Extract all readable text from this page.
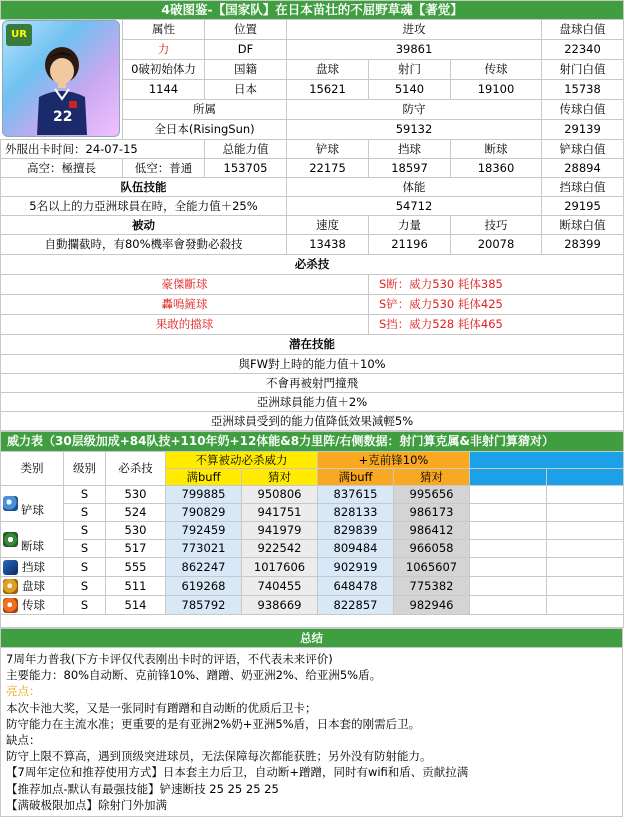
4破图鉴-【国家队】在日本苗壮的不屈野草魂【著觉】						
	属性	位置	进攻			盘球白值
	力	DF	39861			22340
	0破初始体力	国籍	盘球	射门	传球	射门白值
	1144	日本	15621	5140	19100	15738
	所属		防守			传球白值
	全日本(RisingSun)		59132			29139
外服出卡时间：24-07-15		总能力值	铲球	挡球	断球	铲球白值
高空：極擅長	低空：普通	153705	22175	18597	18360	28894
队伍技能			体能			挡球白值
5名以上的力亞洲球員在時，全能力值＋25%			54712			29195
被动			速度	力量	技巧	断球白值
自動攔截時，有80%機率會發動必殺技			13438	21196	20078	28399
必杀技						
豪傑斷球				S断：威力530 耗体385		
轟鳴鏟球				S铲：威力530 耗体425		
果敢的擋球				S挡：威力528 耗体465		
潜在技能						
與FW對上時的能力值＋10%						
不會再被射門撞飛						
亞洲球員能力值＋2%						
亞洲球員受到的能力值降低效果減輕5%						
威力表（30层级加成+84队技+110年奶+12体能&8力里阵/右侧数据：射门算克属&非射门算猜对）								
类别	级别	必杀技	不算被动必杀威力		+克前锋10%			
			满buff	猜对	满buff	猜对		

铲球	S	530	799885	950806	837615	995656		
	S	524	790829	941751	828133	986173		

断球	S	530	792459	941979	829839	986412		
	S	517	773021	922542	809484	966058		

挡球	S	555	862247	1017606	902919	1065607		

盘球	S	511	619268	740455	648478	775382		

传球	S	514	785792	938669	822857	982946		

总结

7周年力普我(下方卡评仅代表刚出卡时的评语，不代表未来评价)
主要能力：80%自动断、克前锋10%、蹭蹭、奶亚洲2%、给亚洲5%盾。
亮点：
本次卡池大奖，又是一张同时有蹭蹭和自动断的优质后卫卡；
防守能力在主流水准；更重要的是有亚洲2%奶+亚洲5%盾，日本套的刚需后卫。
缺点：
防守上限不算高，遇到顶级突进球员，无法保障每次都能获胜；另外没有防射能力。
【7周年定位和推荐使用方式】日本套主力后卫，自动断+蹭蹭，同时有wifi和盾、贡献拉满
【推荐加点-默认有最强技能】铲速断技 25 25 25 25
【满破极限加点】除射门外加满
UR
22
